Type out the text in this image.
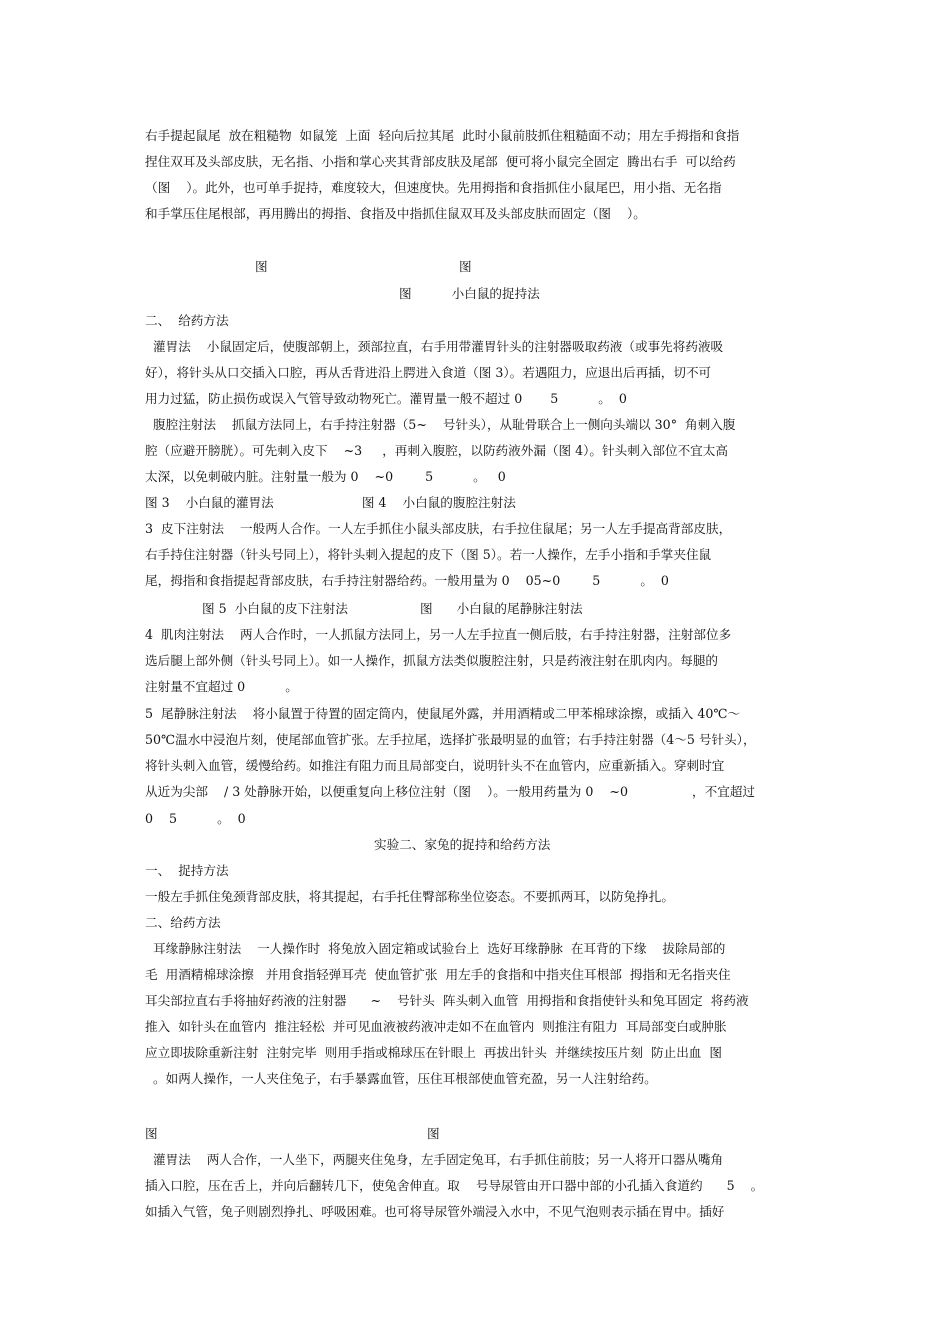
右手提起鼠尾  放在粗糙物  如鼠笼  上面  轻向后拉其尾  此时小鼠前肢抓住粗糙面不动；用左手拇指和食指
捏住双耳及头部皮肤，无名指、小指和掌心夹其背部皮肤及尾部  便可将小鼠完全固定  腾出右手  可以给药
（图    ）。此外，也可单手捉持，难度较大，但速度快。先用拇指和食指抓住小鼠尾巴，用小指、无名指
和手掌压住尾根部，再用腾出的拇指、食指及中指抓住鼠双耳及头部皮肤而固定（图    ）。
图	图
图          小白鼠的捉持法
二、  给药方法
灌胃法    小鼠固定后，使腹部朝上，颈部拉直，右手用带灌胃针头的注射器吸取药液（或事先将药液吸
好），将针头从口交插入口腔，再从舌背进沿上腭进入食道（图 3）。若遇阻力，应退出后再插，切不可
用力过猛，防止损伤或误入气管导致动物死亡。灌胃量一般不超过 0       5          。  0
腹腔注射法    抓鼠方法同上，右手持注射器（5~    号针头），从耻骨联合上一侧向头端以 30°  角刺入腹
腔（应避开膀胱）。可先刺入皮下    ~3     ，再刺入腹腔，以防药液外漏（图 4）。针头刺入部位不宜太高
太深，以免刺破内脏。注射量一般为 0    ~0        5          。   0
图 3    小白鼠的灌胃法                      图 4    小白鼠的腹腔注射法
3  皮下注射法    一般两人合作。一人左手抓住小鼠头部皮肤，右手拉住鼠尾；另一人左手提高背部皮肤，
右手持住注射器（针头号同上），将针头刺入提起的皮下（图 5）。若一人操作，左手小指和手掌夹住鼠
尾，拇指和食指提起背部皮肤，右手持注射器给药。一般用量为 0    05~0        5          。  0
图 5  小白鼠的皮下注射法                  图      小白鼠的尾静脉注射法
4  肌肉注射法    两人合作时，一人抓鼠方法同上，另一人左手拉直一侧后肢，右手持注射器，注射部位多
选后腿上部外侧（针头号同上）。如一人操作，抓鼠方法类似腹腔注射，只是药液注射在肌肉内。每腿的
注射量不宜超过 0          。
5  尾静脉注射法    将小鼠置于待置的固定筒内，使鼠尾外露，并用酒精或二甲苯棉球涂擦，或插入 40℃～
50℃温水中浸泡片刻，使尾部血管扩张。左手拉尾，选择扩张最明显的血管；右手持注射器（4～5 号针头），
将针头刺入血管，缓慢给药。如推注有阻力而且局部变白，说明针头不在血管内，应重新插入。穿刺时宜
从近为尖部    / 3 处静脉开始，以便重复向上移位注射（图    ）。一般用药量为 0    ~0                ，不宜超过
0    5          。  0
实验二、家兔的捉持和给药方法
一、  捉持方法
一般左手抓住兔颈背部皮肤，将其提起，右手托住臀部称坐位姿态。不要抓两耳，以防兔挣扎。
二、给药方法
耳缘静脉注射法    一人操作时  将兔放入固定箱或试验台上  选好耳缘静脉  在耳背的下缘    拔除局部的
毛  用酒精棉球涂擦   并用食指轻弹耳壳  使血管扩张  用左手的食指和中指夹住耳根部  拇指和无名指夹住
耳尖部拉直右手将抽好药液的注射器      ~    号针头  阵头刺入血管  用拇指和食指使针头和兔耳固定  将药液
推入  如针头在血管内  推注轻松  并可见血液被药液冲走如不在血管内  则推注有阻力  耳局部变白或肿胀
应立即拔除重新注射  注射完毕  则用手指或棉球压在针眼上  再拔出针头  并继续按压片刻  防止出血  图
。如两人操作，一人夹住兔子，右手暴露血管，压住耳根部使血管充盈，另一人注射给药。
图	图
灌胃法    两人合作，一人坐下，两腿夹住兔身，左手固定兔耳，右手抓住前肢；另一人将开口器从嘴角
插入口腔，压在舌上，并向后翻转几下，使兔舍伸直。取    号导尿管由开口器中部的小孔插入食道约      5    。
如插入气管，兔子则剧烈挣扎、呼吸困难。也可将导尿管外端浸入水中，不见气泡则表示插在胃中。插好
